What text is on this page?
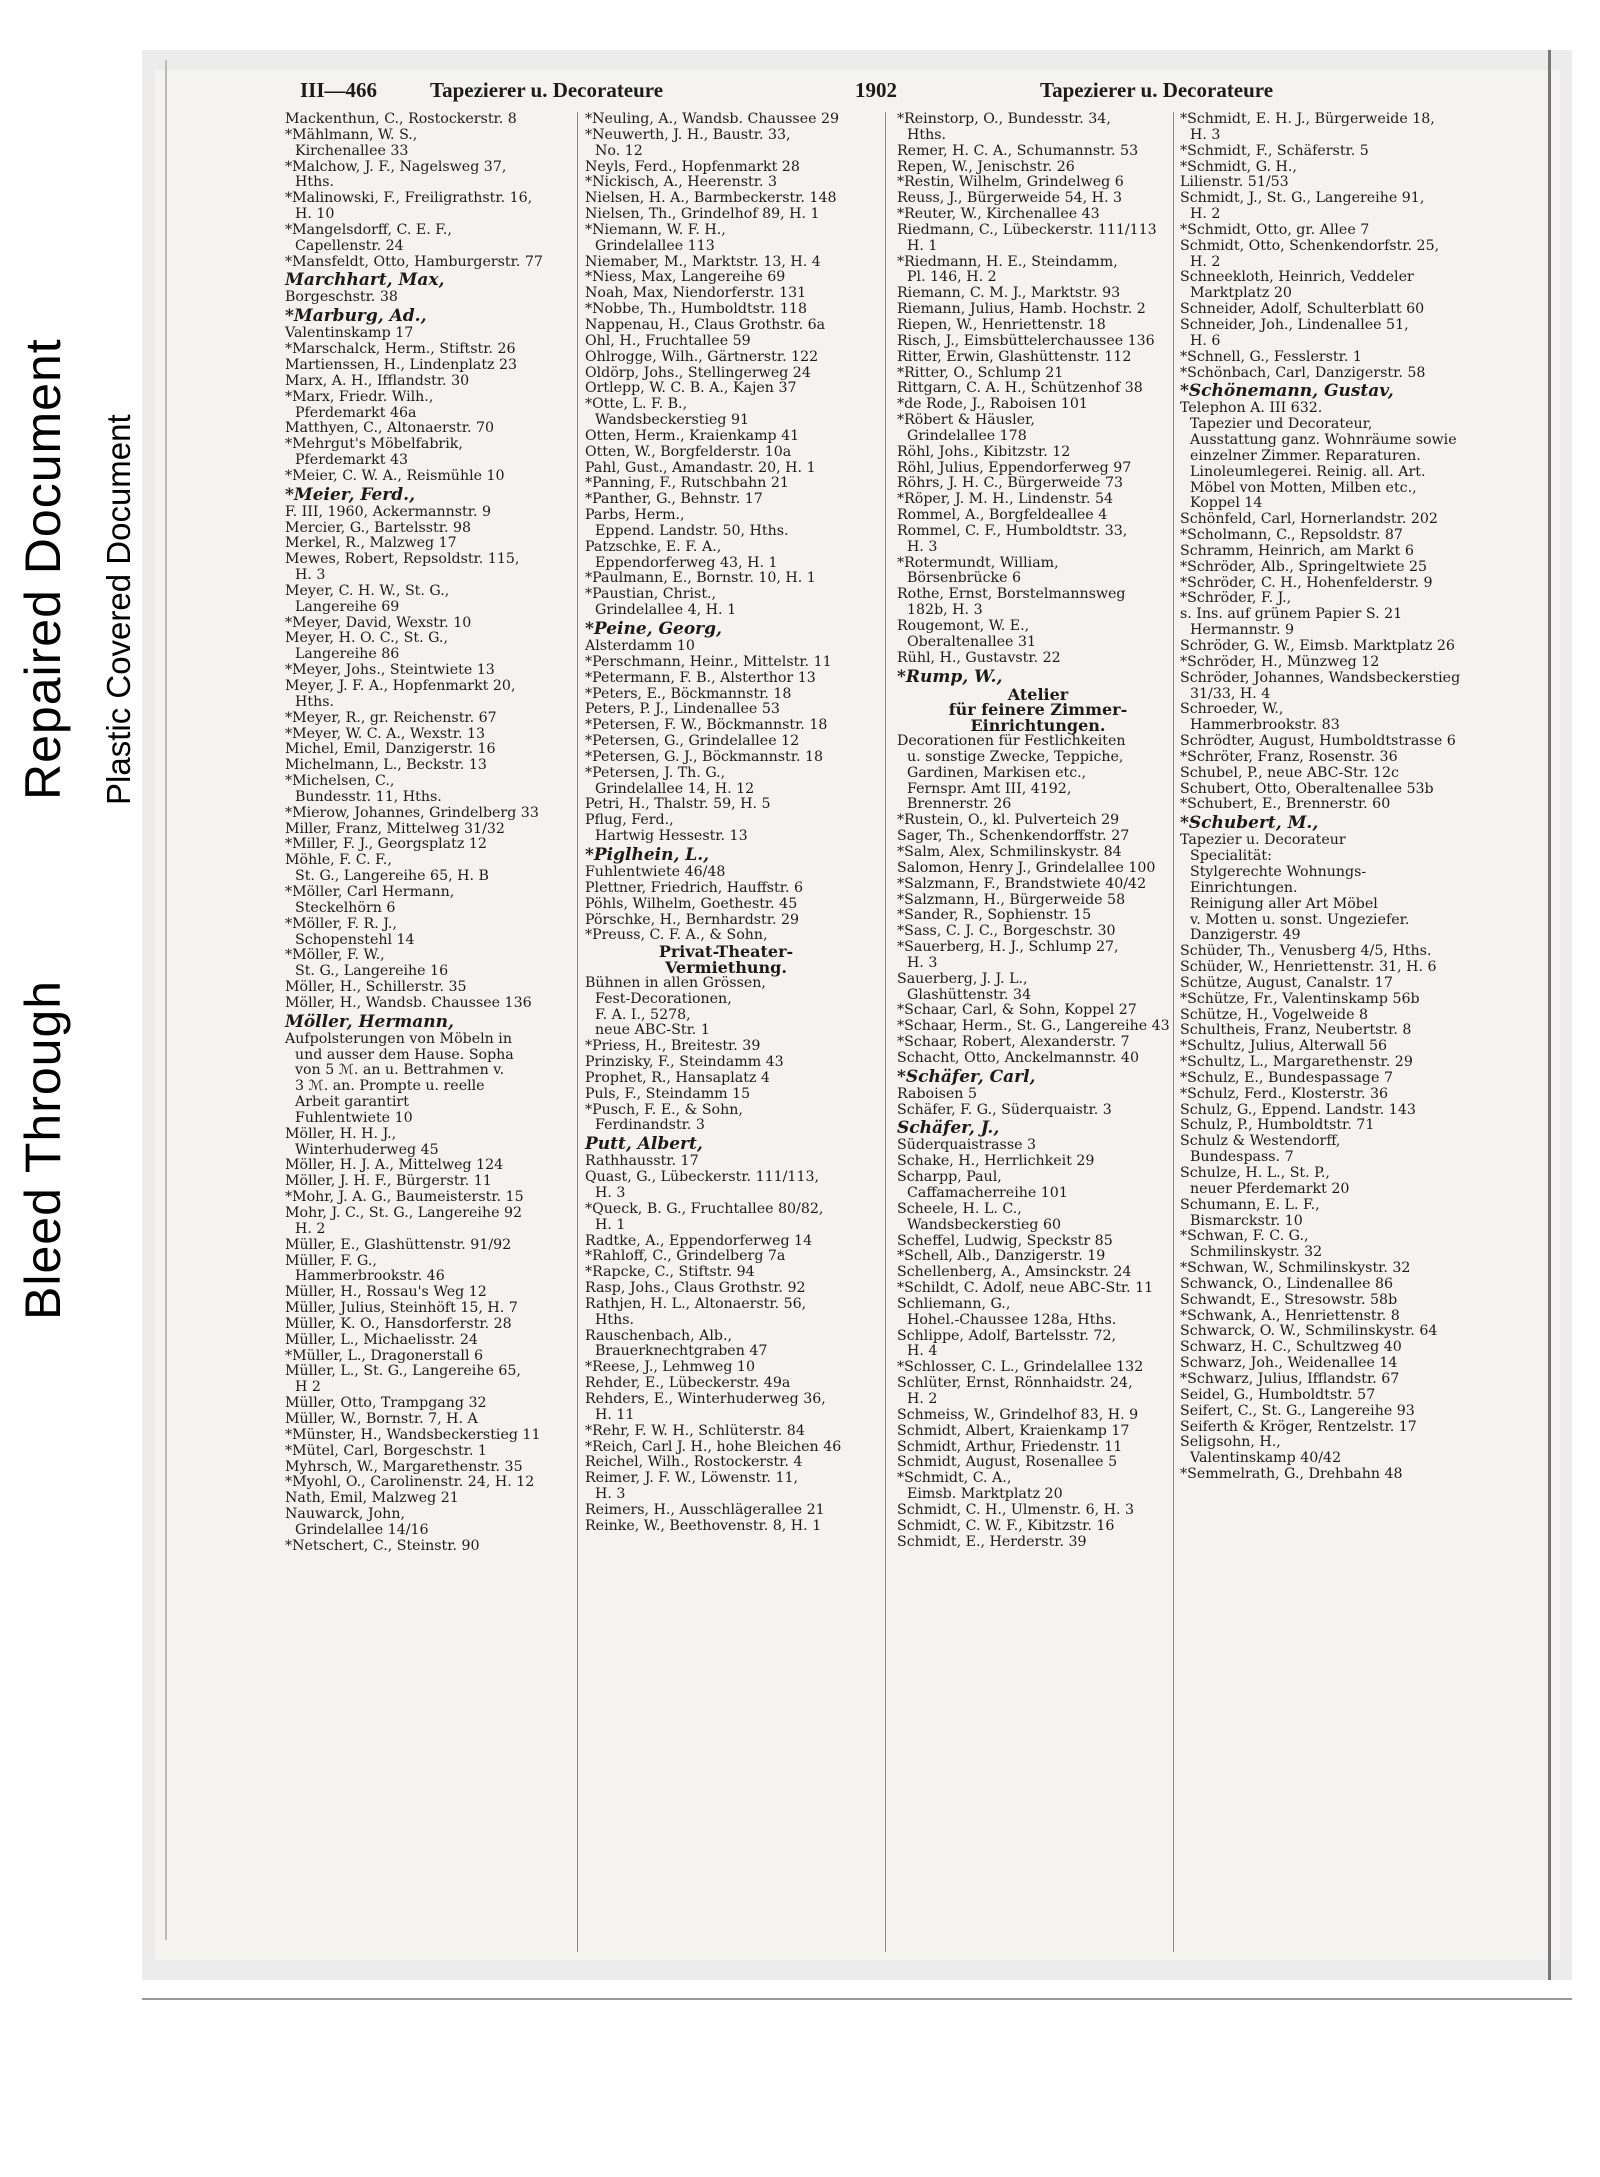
Bleed Through
Repaired Document Plastic Covered Document
III—466	Tapezierer u. Decorateure	1902	Tapezierer u. Decorateure
Mackenthun, C., Rostockerstr. 8
*Mählmann, W. S.,
Kirchenallee 33
*Malchow, J. F., Nagelsweg 37,
Hths.
*Malinowski, F., Freiligrathstr. 16,
H. 10
*Mangelsdorff, C. E. F.,
Capellenstr. 24
*Mansfeldt, Otto, Hamburgerstr. 77
Marchhart, Max,
Borgeschstr. 38
*Marburg, Ad.,
Valentinskamp 17
*Marschalck, Herm., Stiftstr. 26
Martienssen, H., Lindenplatz 23
Marx, A. H., Ifflandstr. 30
*Marx, Friedr. Wilh.,
Pferdemarkt 46a
Matthyen, C., Altonaerstr. 70
*Mehrgut's Möbelfabrik,
Pferdemarkt 43
*Meier, C. W. A., Reismühle 10
*Meier, Ferd.,
F. III, 1960, Ackermannstr. 9
Mercier, G., Bartelsstr. 98
Merkel, R., Malzweg 17
Mewes, Robert, Repsoldstr. 115,
H. 3
Meyer, C. H. W., St. G.,
Langereihe 69
*Meyer, David, Wexstr. 10
Meyer, H. O. C., St. G.,
Langereihe 86
*Meyer, Johs., Steintwiete 13
Meyer, J. F. A., Hopfenmarkt 20,
Hths.
*Meyer, R., gr. Reichenstr. 67
*Meyer, W. C. A., Wexstr. 13
Michel, Emil, Danzigerstr. 16
Michelmann, L., Beckstr. 13
*Michelsen, C.,
Bundesstr. 11, Hths.
*Mierow, Johannes, Grindelberg 33
Miller, Franz, Mittelweg 31/32
*Miller, F. J., Georgsplatz 12
Möhle, F. C. F.,
St. G., Langereihe 65, H. B
*Möller, Carl Hermann,
Steckelhörn 6
*Möller, F. R. J.,
Schopenstehl 14
*Möller, F. W.,
St. G., Langereihe 16
Möller, H., Schillerstr. 35
Möller, H., Wandsb. Chaussee 136
Möller, Hermann,
Aufpolsterungen von Möbeln in
und ausser dem Hause. Sopha
von 5 ℳ. an u. Bettrahmen v.
3 ℳ. an. Prompte u. reelle
Arbeit garantirt
Fuhlentwiete 10
Möller, H. H. J.,
Winterhuderweg 45
Möller, H. J. A., Mittelweg 124
Möller, J. H. F., Bürgerstr. 11
*Mohr, J. A. G., Baumeisterstr. 15
Mohr, J. C., St. G., Langereihe 92
H. 2
Müller, E., Glashüttenstr. 91/92
Müller, F. G.,
Hammerbrookstr. 46
Müller, H., Rossau's Weg 12
Müller, Julius, Steinhöft 15, H. 7
Müller, K. O., Hansdorferstr. 28
Müller, L., Michaelisstr. 24
*Müller, L., Dragonerstall 6
Müller, L., St. G., Langereihe 65,
H 2
Müller, Otto, Trampgang 32
Müller, W., Bornstr. 7, H. A
*Münster, H., Wandsbeckerstieg 11
*Mütel, Carl, Borgeschstr. 1
Myhrsch, W., Margarethenstr. 35
*Myohl, O., Carolinenstr. 24, H. 12
Nath, Emil, Malzweg 21
Nauwarck, John,
Grindelallee 14/16
*Netschert, C., Steinstr. 90
*Neuling, A., Wandsb. Chaussee 29
*Neuwerth, J. H., Baustr. 33,
No. 12
Neyls, Ferd., Hopfenmarkt 28
*Nickisch, A., Heerenstr. 3
Nielsen, H. A., Barmbeckerstr. 148
Nielsen, Th., Grindelhof 89, H. 1
*Niemann, W. F. H.,
Grindelallee 113
Niemaber, M., Marktstr. 13, H. 4
*Niess, Max, Langereihe 69
Noah, Max, Niendorferstr. 131
*Nobbe, Th., Humboldtstr. 118
Nappenau, H., Claus Grothstr. 6a
Ohl, H., Fruchtallee 59
Ohlrogge, Wilh., Gärtnerstr. 122
Oldörp, Johs., Stellingerweg 24
Ortlepp, W. C. B. A., Kajen 37
*Otte, L. F. B.,
Wandsbeckerstieg 91
Otten, Herm., Kraienkamp 41
Otten, W., Borgfelderstr. 10a
Pahl, Gust., Amandastr. 20, H. 1
*Panning, F., Rutschbahn 21
*Panther, G., Behnstr. 17
Parbs, Herm.,
Eppend. Landstr. 50, Hths.
Patzschke, E. F. A.,
Eppendorferweg 43, H. 1
*Paulmann, E., Bornstr. 10, H. 1
*Paustian, Christ.,
Grindelallee 4, H. 1
*Peine, Georg,
Alsterdamm 10
*Perschmann, Heinr., Mittelstr. 11
*Petermann, F. B., Alsterthor 13
*Peters, E., Böckmannstr. 18
Peters, P. J., Lindenallee 53
*Petersen, F. W., Böckmannstr. 18
*Petersen, G., Grindelallee 12
*Petersen, G. J., Böckmannstr. 18
*Petersen, J. Th. G.,
Grindelallee 14, H. 12
Petri, H., Thalstr. 59, H. 5
Pflug, Ferd.,
Hartwig Hessestr. 13
*Piglhein, L.,
Fuhlentwiete 46/48
Plettner, Friedrich, Hauffstr. 6
Pöhls, Wilhelm, Goethestr. 45
Pörschke, H., Bernhardstr. 29
*Preuss, C. F. A., & Sohn,
Privat-Theater-
Vermiethung.
Bühnen in allen Grössen,
Fest-Decorationen,
F. A. I., 5278,
neue ABC-Str. 1
*Priess, H., Breitestr. 39
Prinzisky, F., Steindamm 43
Prophet, R., Hansaplatz 4
Puls, F., Steindamm 15
*Pusch, F. E., & Sohn,
Ferdinandstr. 3
Putt, Albert,
Rathhausstr. 17
Quast, G., Lübeckerstr. 111/113,
H. 3
*Queck, B. G., Fruchtallee 80/82,
H. 1
Radtke, A., Eppendorferweg 14
*Rahloff, C., Grindelberg 7a
*Rapcke, C., Stiftstr. 94
Rasp, Johs., Claus Grothstr. 92
Rathjen, H. L., Altonaerstr. 56,
Hths.
Rauschenbach, Alb.,
Brauerknechtgraben 47
*Reese, J., Lehmweg 10
Rehder, E., Lübeckerstr. 49a
Rehders, E., Winterhuderweg 36,
H. 11
*Rehr, F. W. H., Schlüterstr. 84
*Reich, Carl J. H., hohe Bleichen 46
Reichel, Wilh., Rostockerstr. 4
Reimer, J. F. W., Löwenstr. 11,
H. 3
Reimers, H., Ausschlägerallee 21
Reinke, W., Beethovenstr. 8, H. 1
*Reinstorp, O., Bundesstr. 34,
Hths.
Remer, H. C. A., Schumannstr. 53
Repen, W., Jenischstr. 26
*Restin, Wilhelm, Grindelweg 6
Reuss, J., Bürgerweide 54, H. 3
*Reuter, W., Kirchenallee 43
Riedmann, C., Lübeckerstr. 111/113
H. 1
*Riedmann, H. E., Steindamm,
Pl. 146, H. 2
Riemann, C. M. J., Marktstr. 93
Riemann, Julius, Hamb. Hochstr. 2
Riepen, W., Henriettenstr. 18
Risch, J., Eimsbüttelerchaussee 136
Ritter, Erwin, Glashüttenstr. 112
*Ritter, O., Schlump 21
Rittgarn, C. A. H., Schützenhof 38
*de Rode, J., Raboisen 101
*Röbert & Häusler,
Grindelallee 178
Röhl, Johs., Kibitzstr. 12
Röhl, Julius, Eppendorferweg 97
Röhrs, J. H. C., Bürgerweide 73
*Röper, J. M. H., Lindenstr. 54
Rommel, A., Borgfeldeallee 4
Rommel, C. F., Humboldtstr. 33,
H. 3
*Rotermundt, William,
Börsenbrücke 6
Rothe, Ernst, Borstelmannsweg
182b, H. 3
Rougemont, W. E.,
Oberaltenallee 31
Rühl, H., Gustavstr. 22
*Rump, W.,
Atelier
für feinere Zimmer-
Einrichtungen.
Decorationen für Festlichkeiten
u. sonstige Zwecke, Teppiche,
Gardinen, Markisen etc.,
Fernspr. Amt III, 4192,
Brennerstr. 26
*Rustein, O., kl. Pulverteich 29
Sager, Th., Schenkendorffstr. 27
*Salm, Alex, Schmilinskystr. 84
Salomon, Henry J., Grindelallee 100
*Salzmann, F., Brandstwiete 40/42
*Salzmann, H., Bürgerweide 58
*Sander, R., Sophienstr. 15
*Sass, C. J. C., Borgeschstr. 30
*Sauerberg, H. J., Schlump 27,
H. 3
Sauerberg, J. J. L.,
Glashüttenstr. 34
*Schaar, Carl, & Sohn, Koppel 27
*Schaar, Herm., St. G., Langereihe 43
*Schaar, Robert, Alexanderstr. 7
Schacht, Otto, Anckelmannstr. 40
*Schäfer, Carl,
Raboisen 5
Schäfer, F. G., Süderquaistr. 3
Schäfer, J.,
Süderquaistrasse 3
Schake, H., Herrlichkeit 29
Scharpp, Paul,
Caffamacherreihe 101
Scheele, H. L. C.,
Wandsbeckerstieg 60
Scheffel, Ludwig, Speckstr 85
*Schell, Alb., Danzigerstr. 19
Schellenberg, A., Amsinckstr. 24
*Schildt, C. Adolf, neue ABC-Str. 11
Schliemann, G.,
Hohel.-Chaussee 128a, Hths.
Schlippe, Adolf, Bartelsstr. 72,
H. 4
*Schlosser, C. L., Grindelallee 132
Schlüter, Ernst, Rönnhaidstr. 24,
H. 2
Schmeiss, W., Grindelhof 83, H. 9
Schmidt, Albert, Kraienkamp 17
Schmidt, Arthur, Friedenstr. 11
Schmidt, August, Rosenallee 5
*Schmidt, C. A.,
Eimsb. Marktplatz 20
Schmidt, C. H., Ulmenstr. 6, H. 3
Schmidt, C. W. F., Kibitzstr. 16
Schmidt, E., Herderstr. 39
*Schmidt, E. H. J., Bürgerweide 18,
H. 3
*Schmidt, F., Schäferstr. 5
*Schmidt, G. H.,
Lilienstr. 51/53
Schmidt, J., St. G., Langereihe 91,
H. 2
*Schmidt, Otto, gr. Allee 7
Schmidt, Otto, Schenkendorfstr. 25,
H. 2
Schneekloth, Heinrich, Veddeler
Marktplatz 20
Schneider, Adolf, Schulterblatt 60
Schneider, Joh., Lindenallee 51,
H. 6
*Schnell, G., Fesslerstr. 1
*Schönbach, Carl, Danzigerstr. 58
*Schönemann, Gustav,
Telephon A. III 632.
Tapezier und Decorateur, Ausstattung ganz. Wohnräume sowie
einzelner Zimmer. Reparaturen.
Linoleumlegerei. Reinig. all. Art.
Möbel von Motten, Milben etc.,
Koppel 14
Schönfeld, Carl, Hornerlandstr. 202
*Scholmann, C., Repsoldstr. 87
Schramm, Heinrich, am Markt 6
*Schröder, Alb., Springeltwiete 25
*Schröder, C. H., Hohenfelderstr. 9
*Schröder, F. J.,
s. Ins. auf grünem Papier S. 21
Hermannstr. 9
Schröder, G. W., Eimsb. Marktplatz 26
*Schröder, H., Münzweg 12
Schröder, Johannes, Wandsbeckerstieg 31/33, H. 4
Schroeder, W.,
Hammerbrookstr. 83
Schrödter, August, Humboldtstrasse 6
*Schröter, Franz, Rosenstr. 36
Schubel, P., neue ABC-Str. 12c
Schubert, Otto, Oberaltenallee 53b
*Schubert, E., Brennerstr. 60
*Schubert, M.,
Tapezier u. Decorateur
Specialität:
Stylgerechte Wohnungs-
Einrichtungen.
Reinigung aller Art Möbel
v. Motten u. sonst. Ungeziefer.
Danzigerstr. 49
Schüder, Th., Venusberg 4/5, Hths.
Schüder, W., Henriettenstr. 31, H. 6
Schütze, August, Canalstr. 17
*Schütze, Fr., Valentinskamp 56b
Schütze, H., Vogelweide 8
Schultheis, Franz, Neubertstr. 8
*Schultz, Julius, Alterwall 56
*Schultz, L., Margarethenstr. 29
*Schulz, E., Bundespassage 7
*Schulz, Ferd., Klosterstr. 36
Schulz, G., Eppend. Landstr. 143
Schulz, P., Humboldtstr. 71
Schulz & Westendorff,
Bundespass. 7
Schulze, H. L., St. P.,
neuer Pferdemarkt 20
Schumann, E. L. F.,
Bismarckstr. 10
*Schwan, F. C. G.,
Schmilinskystr. 32
*Schwan, W., Schmilinskystr. 32
Schwanck, O., Lindenallee 86
Schwandt, E., Stresowstr. 58b
*Schwank, A., Henriettenstr. 8
Schwarck, O. W., Schmilinskystr. 64
Schwarz, H. C., Schultzweg 40
Schwarz, Joh., Weidenallee 14
*Schwarz, Julius, Ifflandstr. 67
Seidel, G., Humboldtstr. 57
Seifert, C., St. G., Langereihe 93
Seiferth & Kröger, Rentzelstr. 17
Seligsohn, H.,
Valentinskamp 40/42
*Semmelrath, G., Drehbahn 48
